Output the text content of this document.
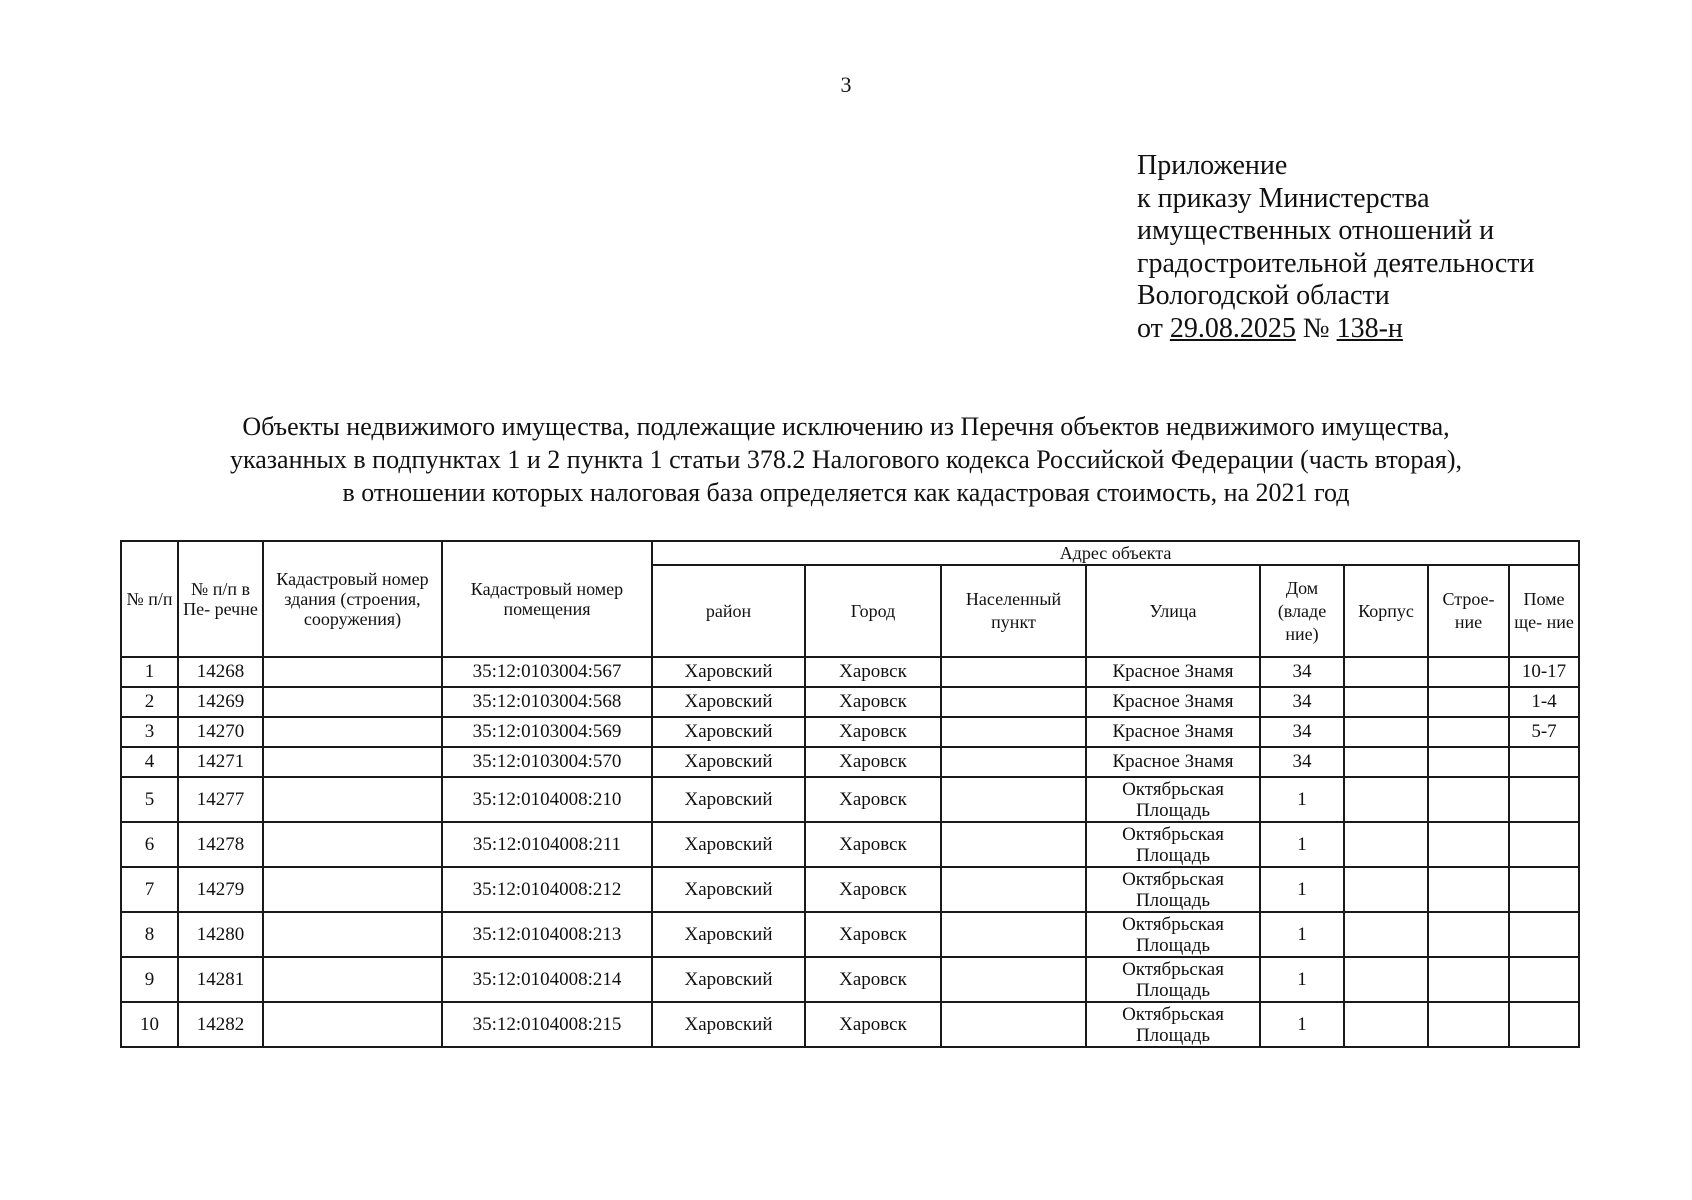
3
Приложение
к приказу Министерства
имущественных отношений и
градостроительной деятельности
Вологодской области
от 29.08.2025 № 138-н
Объекты недвижимого имущества, подлежащие исключению из Перечня объектов недвижимого имущества,
указанных в подпунктах 1 и 2 пункта 1 статьи 378.2 Налогового кодекса Российской Федерации (часть вторая),
в отношении которых налоговая база определяется как кадастровая стоимость, на 2021 год
№ п/п	№ п/п в Пе- речне	Кадастровый номер здания (строения, сооружения)	Кадастровый номер помещения	Адрес объекта							
				район	Город	Населенный пункт	Улица	Дом (владе ние)	Корпус	Строе- ние	Поме ще- ние
1	14268		35:12:0103004:567	Харовский	Харовск		Красное Знамя	34			10-17
2	14269		35:12:0103004:568	Харовский	Харовск		Красное Знамя	34			1-4
3	14270		35:12:0103004:569	Харовский	Харовск		Красное Знамя	34			5-7
4	14271		35:12:0103004:570	Харовский	Харовск		Красное Знамя	34			
5	14277		35:12:0104008:210	Харовский	Харовск		Октябрьская Площадь	1			
6	14278		35:12:0104008:211	Харовский	Харовск		Октябрьская Площадь	1			
7	14279		35:12:0104008:212	Харовский	Харовск		Октябрьская Площадь	1			
8	14280		35:12:0104008:213	Харовский	Харовск		Октябрьская Площадь	1			
9	14281		35:12:0104008:214	Харовский	Харовск		Октябрьская Площадь	1			
10	14282		35:12:0104008:215	Харовский	Харовск		Октябрьская Площадь	1			
